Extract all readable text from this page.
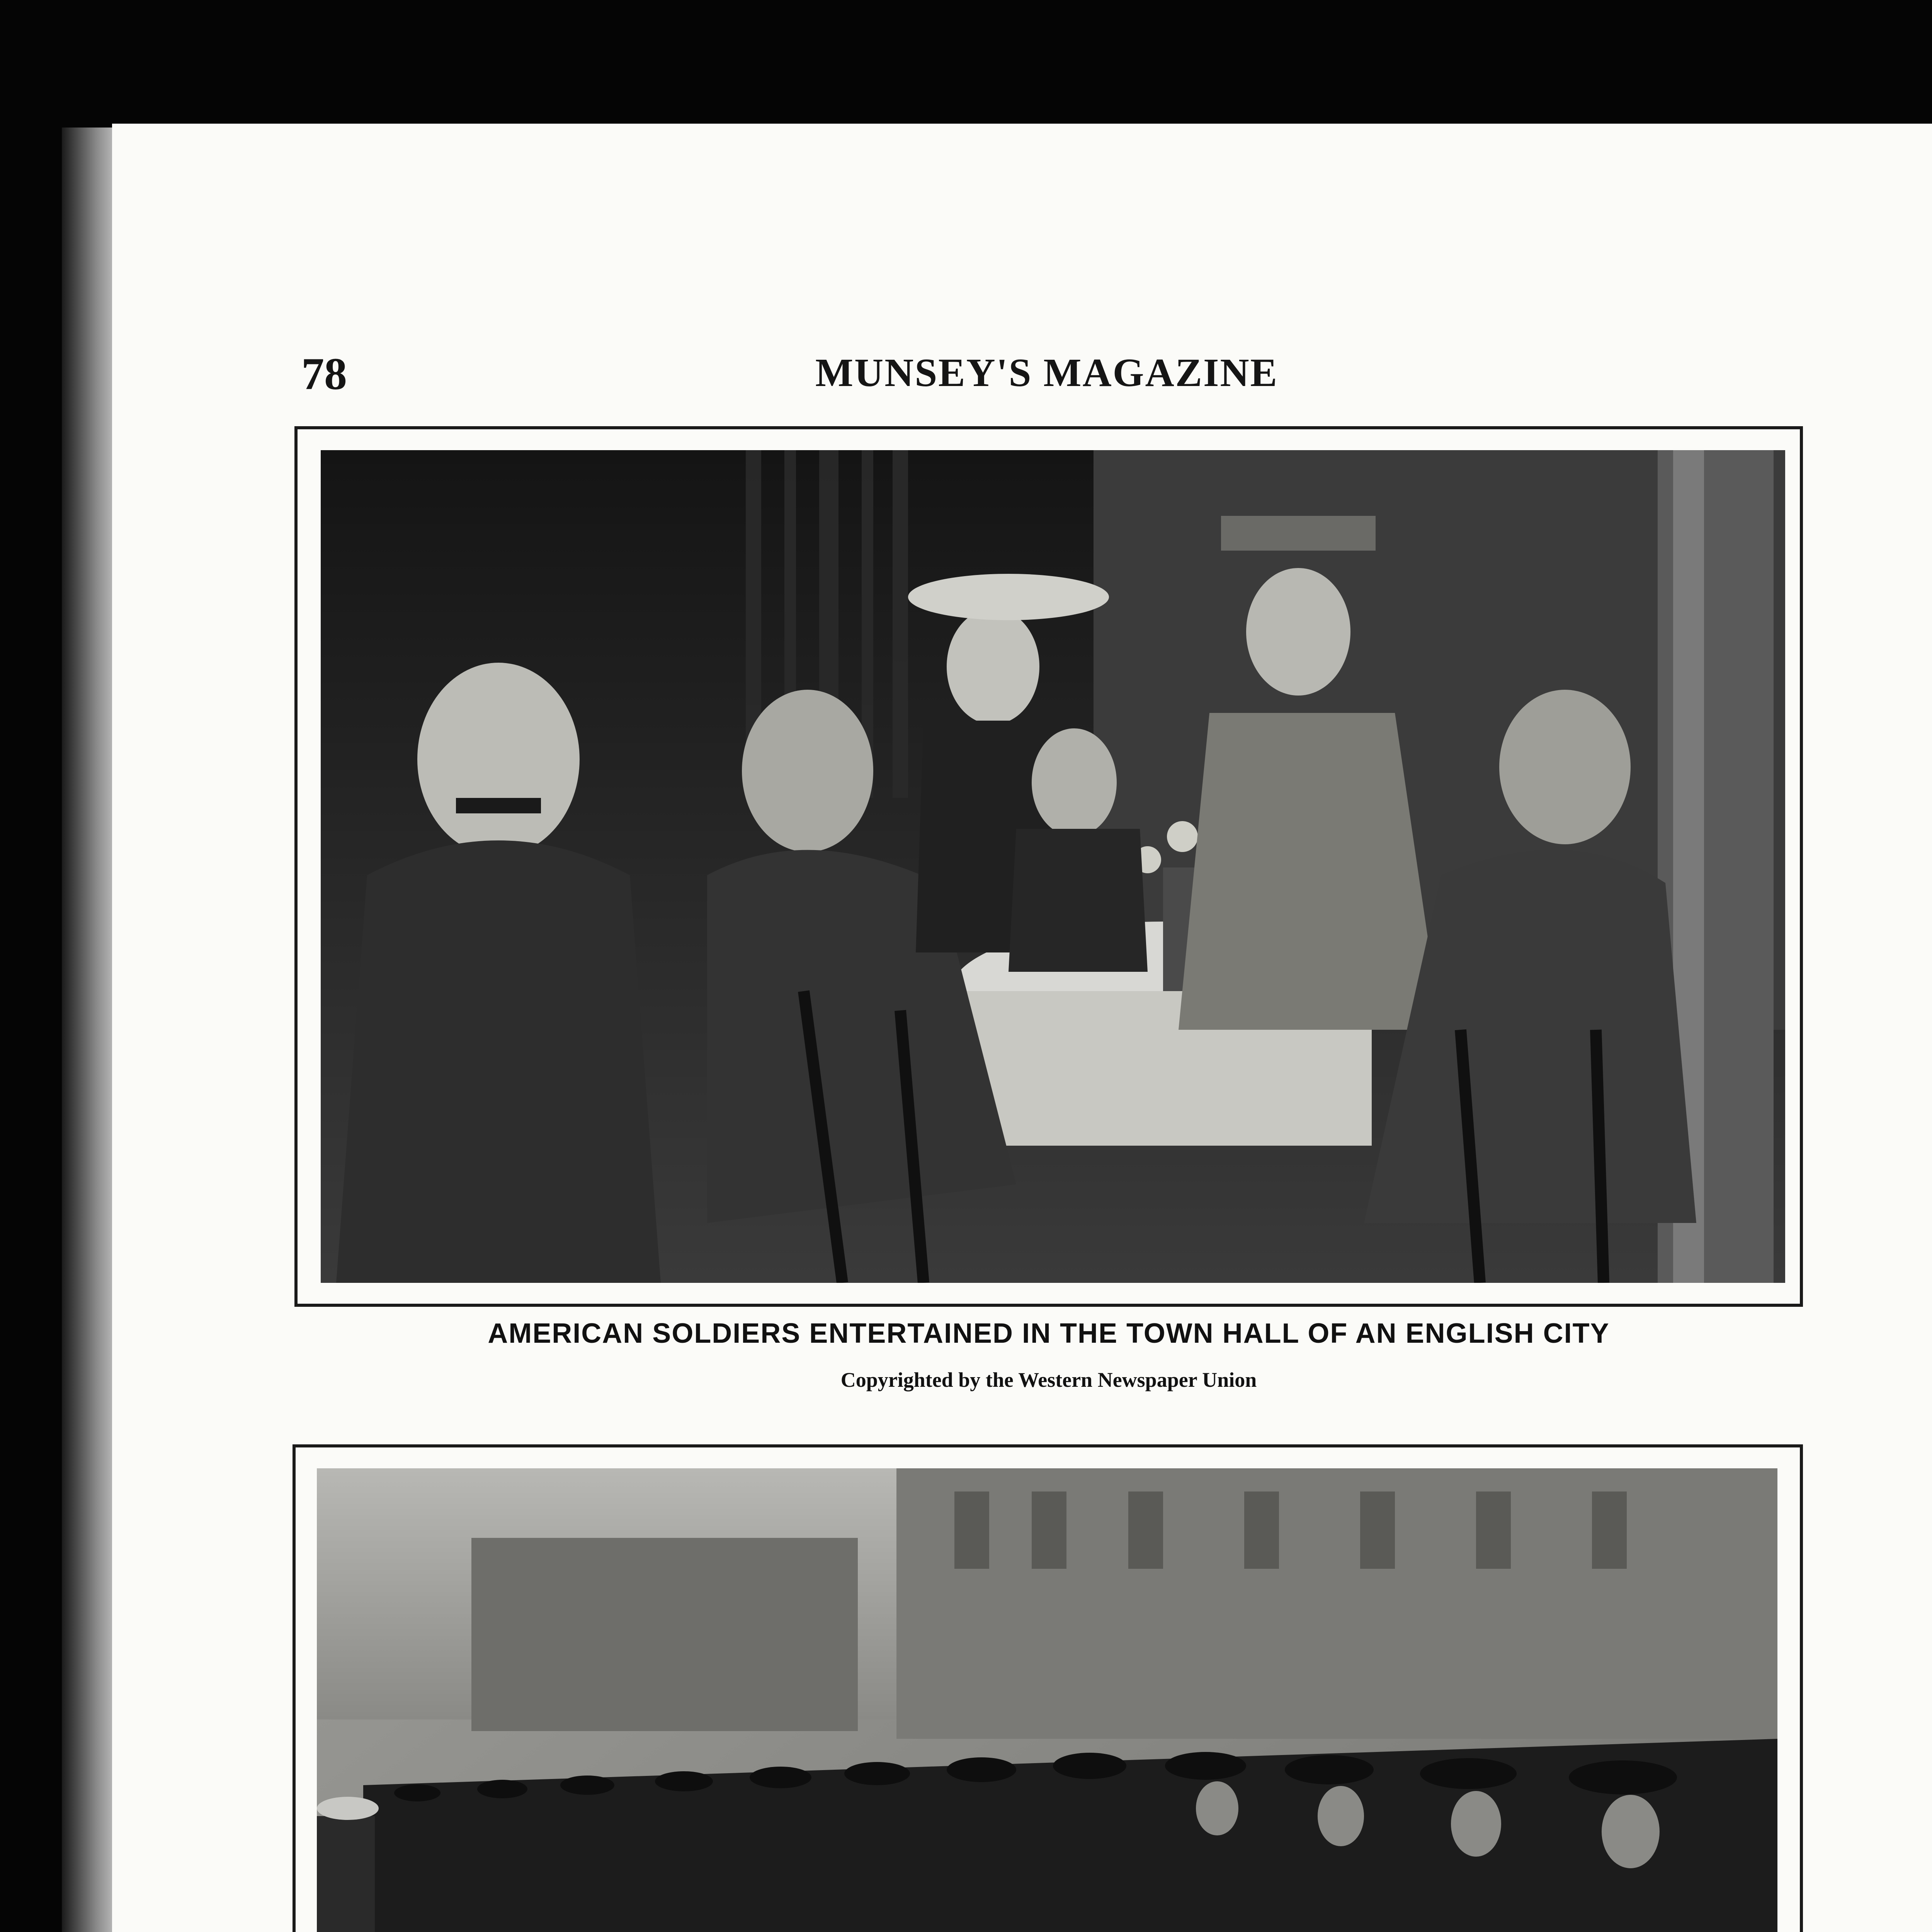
78	MUNSEY'S MAGAZINE
AMERICAN SOLDIERS ENTERTAINED IN THE TOWN HALL OF AN ENGLISH CITY
Copyrighted by the Western Newspaper Union
